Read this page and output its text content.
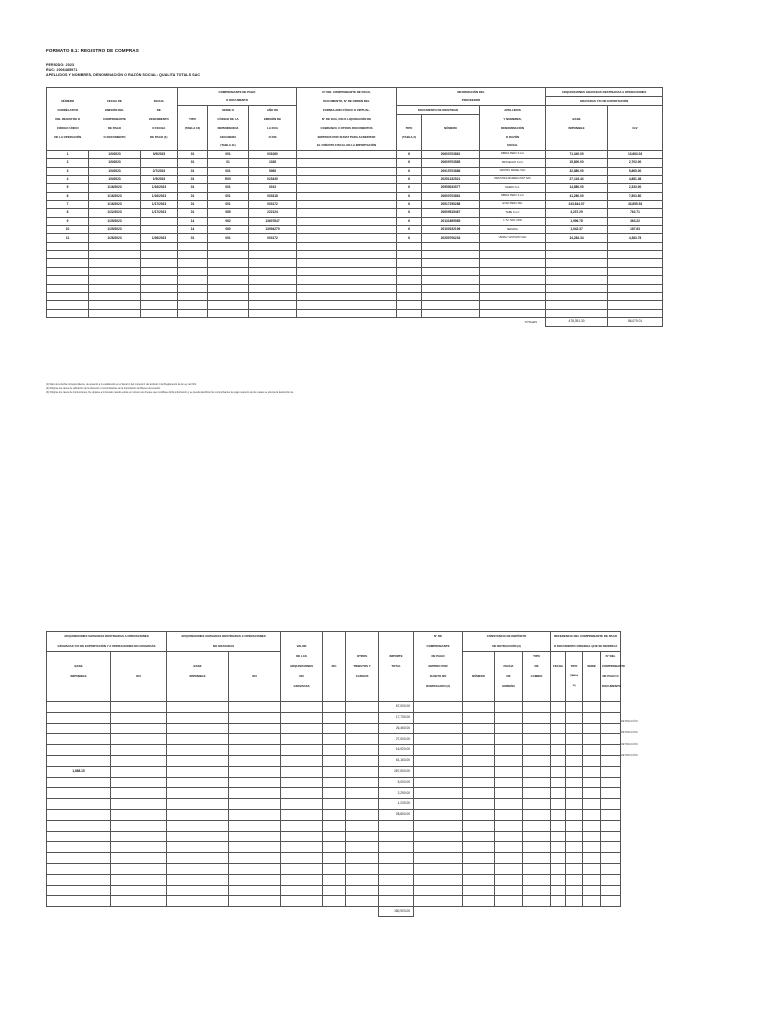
FORMATO 8.1: REGISTRO DE COMPRAS
PERIODO: 2023
RUC: 2006485971
APELLIDOS Y NOMBRES, DENOMINACIÓN O RAZÓN SOCIAL: QUALITA TOTALS SAC
			COMPROBANTE DE PAGO			N° DEL COMPROBANTE DE PAGO,	INFORMACIÓN DEL			ADQUISICIONES GRAVADAS DESTINADAS A OPERACIONES	
NÚMERO	FECHA DE	FECHA	O DOCUMENTO			DOCUMENTO, N° DE ORDEN DEL	PROVEEDOR			GRAVADAS Y/O DE EXPORTACIÓN	
CORRELATIVO	EMISIÓN DEL	DE		SERIE O	AÑO DE	FORMULARIO FÍSICO O VIRTUAL,	DOCUMENTO DE IDENTIDAD		APELLIDOS		
DEL REGISTRO O	COMPROBANTE	VENCIMIENTO	TIPO	CÓDIGO DE LA	EMISIÓN DE	N° DE DUA, DSI O LIQUIDACIÓN DE			Y NOMBRES,	BASE	
CÓDIGO ÚNICO	DE PAGO	O FECHA	(TABLA 10)	DEPENDENCIA	LA DUA	COBRANZA U OTROS DOCUMENTOS	TIPO	NÚMERO	DENOMINACIÓN	IMPONIBLE	IGV
DE LA OPERACIÓN	O DOCUMENTO	DE PAGO (1)		ADUANERA	O DSI	EMITIDOS POR SUNAT PARA ACREDITAR	(TABLA 2)		O RAZÓN		
				(TABLA 11)		EL CRÉDITO FISCAL EN LA IMPORTACIÓN			SOCIAL		
1	1/9/2023	3/9/2023	01	001	001060		6	20600703861	ABBAS PERU S.A.C	71,340.00	13,663.03
2	1/9/2023		01	01	1028		6	20609703585	PROSEGUR S.A.C	15,800.00	2,703.00
3	1/9/2023	2/7/2023	01	001	5065		6	20915703886	CENTRO DIESEL SAC	32,880.00	5,865.00
4	1/9/2023	1/9/2023	01	E00	023430		6	20251232521	INDUSTRIA MADERA INNT SAC	27,116.44	4,881.36
5	1/16/2023	1/16/2023	01	001	0013		6	20555033577	MAERO S.A.	14,880.00	2,333.00
6	1/16/2023	1/16/2023	01	001	003318		6	20600703861	ABBAS PERU S.A.C	41,280.00	7,803.80
7	1/16/2023	1/17/2023	01	001	003172		6	20517255288	EXAN PERU SRL	243,644.07	43,855.93
8	1/22/2023	1/17/2023	01	065	222124		6	20609515467	TEBE S.A.C	4,237.29	762.71
9	1/25/2023		14	062	13607847		6	20131895985	L.T.Z. MOL 1536	1,996.78	363.22
10	1/25/2023		14	060	13994279		6	20100152196	SEDAPAL	1,042.37	187.63
11	1/26/2023	1/26/2023	01	001	003172		6	20250706233	UNIMA Y ESTUDIO SAC	24,284.34	4,383.76

TOTALES										478,391.30	86,070.01
(1) Dato de la fecha correspondiente, de acuerdo a lo establecido en el literal c) del numeral 1 del artículo 1 del Reglamento de la Ley del IGV.
(2) Dirigirse los casos de utilización de la dirección o comprobantes de la Importación de Bienes del exterior.
(3) Dirigirse los casos de Instrucciones. De optarse a lo llenado cuando exista un número de cheque que modifique dicha información y se pueda identificar los comprobantes de pago respecto de los cuales se efectúa la deducción de.
ADQUISICIONES GRAVADAS DESTINADAS A OPERACIONES		ADQUISICIONES GRAVADAS DESTINADAS A OPERACIONES						N° DE	CONSTANCIA DE DEPÓSITO			REFERENCIA DEL COMPROBANTE DE PAGO			
GRAVADAS Y/O DE EXPORTACIÓN Y A OPERACIONES NO GRAVADAS		NO GRAVADAS		VALOR				COMPROBANTE	DE DETRACCIÓN (3)			O DOCUMENTO ORIGINAL QUE SE MODIFICA			
				DE LAS		OTROS	IMPORTE	DE PAGO			TIPO				N° DEL
BASE		BASE		ADQUISICIONES	ISC	TRIBUTOS Y	TOTAL	EMITIDO POR		FECHA	DE	FECHA	TIPO	SERIE	COMPROBANTE
IMPONIBLE	IGV	IMPONIBLE	IGV	NO		CARGOS		SUJETO NO	NÚMERO	DE	CAMBIO		(TABLA		DE PAGO O
				GRAVADAS				DOMICILIADO (2)		EMISIÓN			10)		DOCUMENTO

							67,000.00								
							17,730.00								
							26,460.00								
							27,000.00								
							16,920.00								
							61,163.00								
1,868.15							287,500.00								
							5,000.00								
							2,290.00								
							1,230.00								
							28,800.00								

							180,903.00								
DETRACCIÓN
DETRACCIÓN
DETRACCIÓN
DETRACCIÓN
